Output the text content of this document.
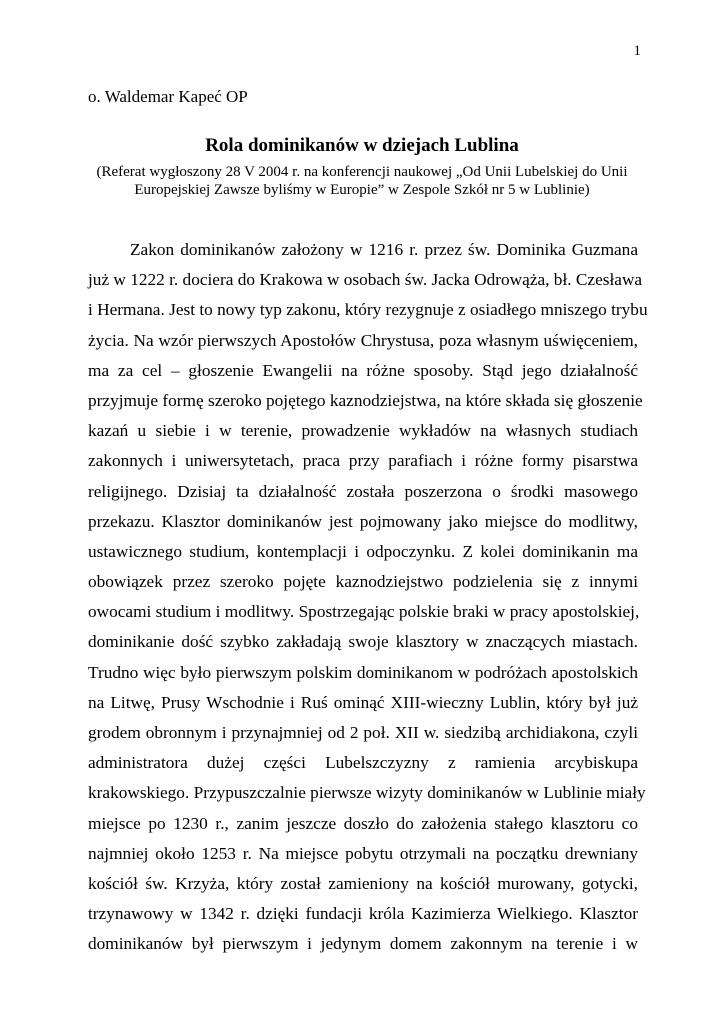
1
o. Waldemar Kapeć OP
Rola dominikanów w dziejach Lublina
(Referat wygłoszony 28 V 2004 r. na konferencji naukowej „Od Unii Lubelskiej do Unii
Europejskiej Zawsze byliśmy w Europie” w Zespole Szkół nr 5 w Lublinie)
Zakon dominikanów założony w 1216 r. przez św. Dominika Guzmana
już w 1222 r. dociera do Krakowa w osobach św. Jacka Odrowąża, bł. Czesława
i Hermana. Jest to nowy typ zakonu, który rezygnuje z osiadłego mniszego trybu
życia. Na wzór pierwszych Apostołów Chrystusa, poza własnym uświęceniem,
ma za cel – głoszenie Ewangelii na różne sposoby. Stąd jego działalność
przyjmuje formę szeroko pojętego kaznodziejstwa, na które składa się głoszenie
kazań u siebie i w terenie, prowadzenie wykładów na własnych studiach
zakonnych i uniwersytetach, praca przy parafiach i różne formy pisarstwa
religijnego. Dzisiaj ta działalność została poszerzona o środki masowego
przekazu. Klasztor dominikanów jest pojmowany jako miejsce do modlitwy,
ustawicznego studium, kontemplacji i odpoczynku. Z kolei dominikanin ma
obowiązek przez szeroko pojęte kaznodziejstwo podzielenia się z innymi
owocami studium i modlitwy. Spostrzegając polskie braki w pracy apostolskiej,
dominikanie dość szybko zakładają swoje klasztory w znaczących miastach.
Trudno więc było pierwszym polskim dominikanom w podróżach apostolskich
na Litwę, Prusy Wschodnie i Ruś ominąć XIII-wieczny Lublin, który był już
grodem obronnym i przynajmniej od 2 poł. XII w. siedzibą archidiakona, czyli
administratora dużej części Lubelszczyzny z ramienia arcybiskupa
krakowskiego. Przypuszczalnie pierwsze wizyty dominikanów w Lublinie miały
miejsce po 1230 r., zanim jeszcze doszło do założenia stałego klasztoru co
najmniej około 1253 r. Na miejsce pobytu otrzymali na początku drewniany
kościół św. Krzyża, który został zamieniony na kościół murowany, gotycki,
trzynawowy w 1342 r. dzięki fundacji króla Kazimierza Wielkiego. Klasztor
dominikanów był pierwszym i jedynym domem zakonnym na terenie i w
